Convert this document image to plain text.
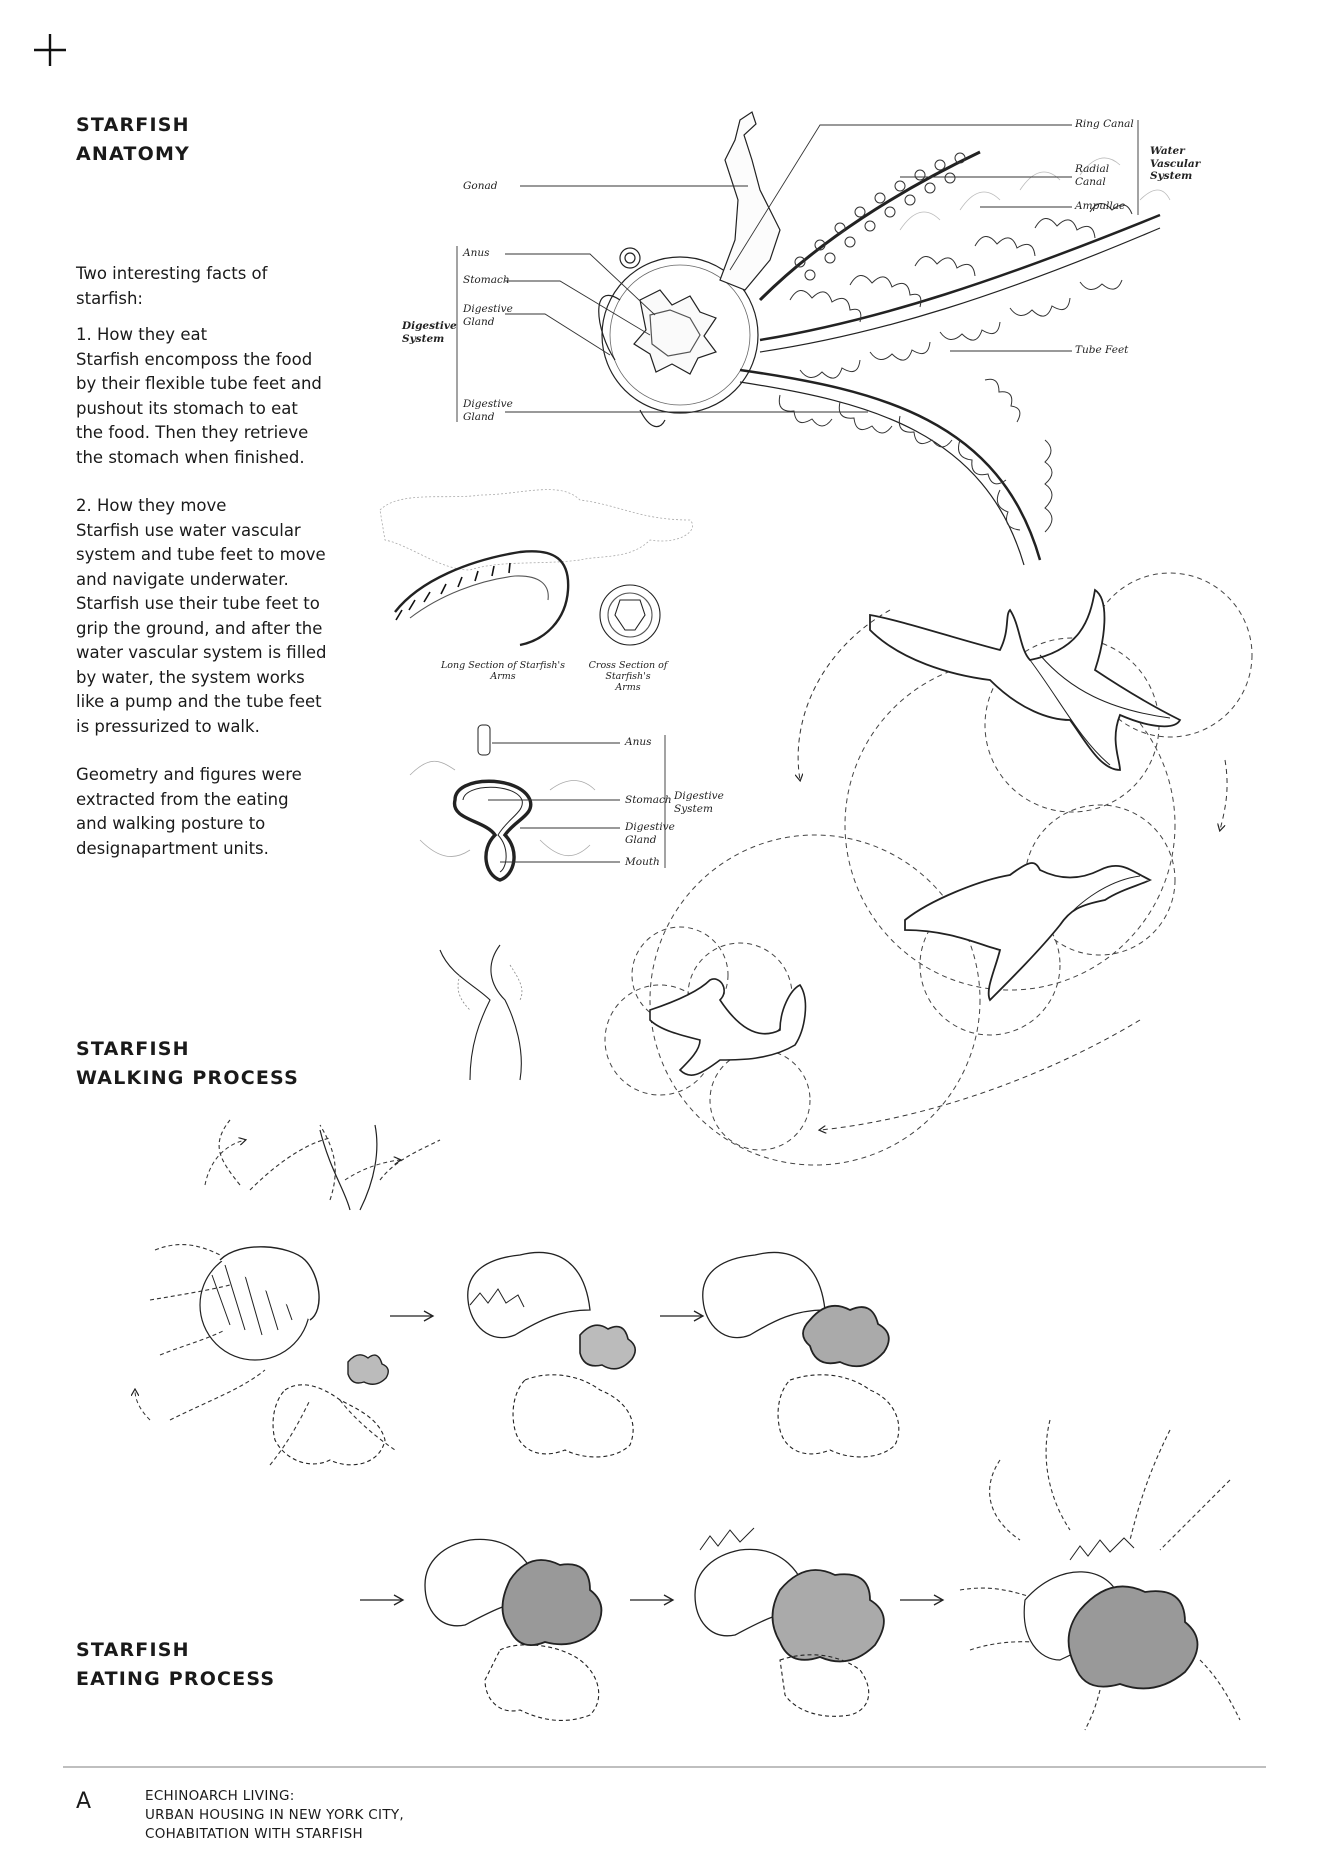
STARFISH
ANATOMY

Two interesting facts of

starfish:

1. How they eat

Starfish encomposs the food

by their flexible tube feet and

pushout its stomach to eat

the food. Then they retrieve

the stomach when finished.

2. How they move

Starfish use water vascular

system and tube feet to move

and navigate underwater.

Starfish use their tube feet to

grip the ground, and after the

water vascular system is filled

by water, the system works

like a pump and the tube feet

is pressurized to walk.

Geometry and figures were

extracted from the eating

and walking posture to

designapartment units.

Gonad
Anus
Stomach
Digestive
Gland
Digestive
System
Digestive
Gland
Ring Canal
Radial
Canal
Ampullae
Water
Vascular
System
Tube Feet
Long Section of Starfish's
Arms
Cross Section of Starfish's
Arms
Anus
Stomach
Digestive
Gland
Mouth
Digestive
System
STARFISH
WALKING PROCESS
STARFISH
EATING PROCESS
A	ECHINOARCH LIVING:
URBAN HOUSING IN NEW YORK CITY,
COHABITATION WITH STARFISH
